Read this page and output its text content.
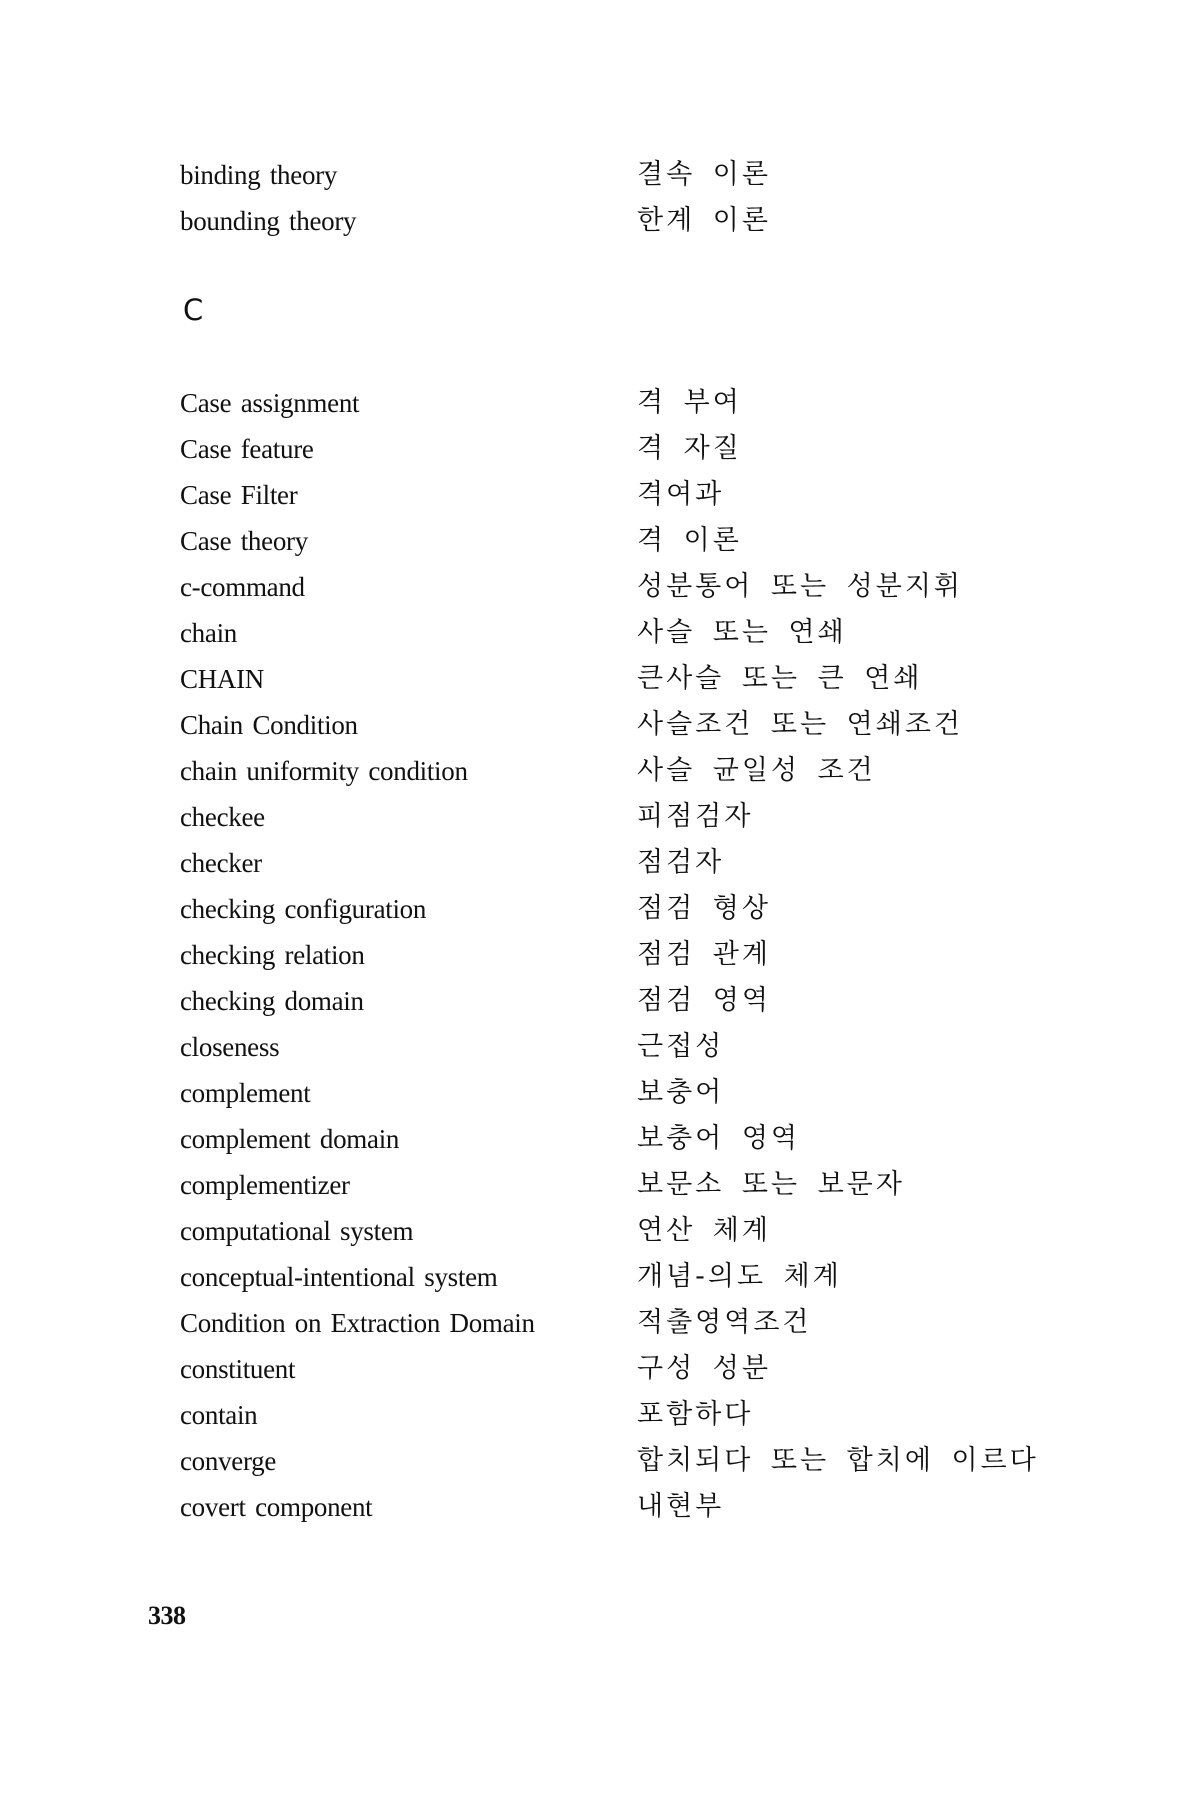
binding theory	결속 이론
bounding theory	한계 이론
C
Case assignment	격 부여
Case feature	격 자질
Case Filter	격여과
Case theory	격 이론
c-command	성분통어 또는 성분지휘
chain	사슬 또는 연쇄
CHAIN	큰사슬 또는 큰 연쇄
Chain Condition	사슬조건 또는 연쇄조건
chain uniformity condition	사슬 균일성 조건
checkee	피점검자
checker	점검자
checking configuration	점검 형상
checking relation	점검 관계
checking domain	점검 영역
closeness	근접성
complement	보충어
complement domain	보충어 영역
complementizer	보문소 또는 보문자
computational system	연산 체계
conceptual-intentional system	개념-의도 체계
Condition on Extraction Domain	적출영역조건
constituent	구성 성분
contain	포함하다
converge	합치되다 또는 합치에 이르다
covert component	내현부
338
